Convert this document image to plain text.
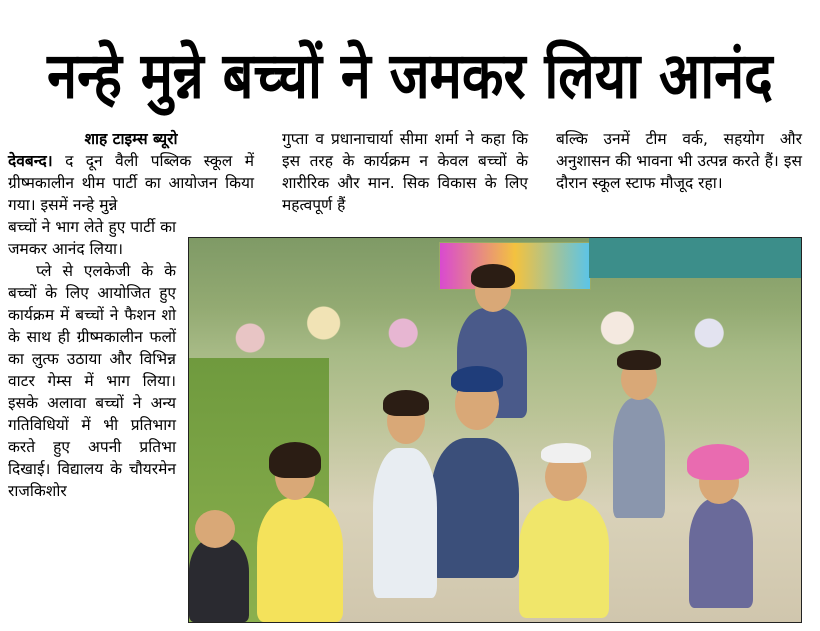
नन्हे मुन्ने बच्चों ने जमकर लिया आनंद
शाह टाइम्स ब्यूरो

देवबन्द। द दून वैली पब्लिक स्कूल में ग्रीष्मकालीन थीम पार्टी का आयोजन किया गया। इसमें नन्हे मुन्ने

बच्चों ने भाग लेते हुए पार्टी का जमकर आनंद लिया।

प्ले से एलकेजी के के बच्चों के लिए आयोजित हुए कार्यक्रम में बच्चों ने फैशन शो के साथ ही ग्रीष्मकालीन फलों का लुत्फ उठाया और विभिन्न वाटर गेम्स में भाग लिया। इसके अलावा बच्चों ने अन्य गतिविधियों में भी प्रतिभाग करते हुए अपनी प्रतिभा दिखाई। विद्यालय के चौयरमेन राजकिशोर

गुप्ता व प्रधानाचार्या सीमा शर्मा ने कहा कि इस तरह के कार्यक्रम न केवल बच्चों के शारीरिक और मान. सिक विकास के लिए महत्वपूर्ण हैं

बल्कि उनमें टीम वर्क, सहयोग और अनुशासन की भावना भी उत्पन्न करते हैं। इस दौरान स्कूल स्टाफ मौजूद रहा।
